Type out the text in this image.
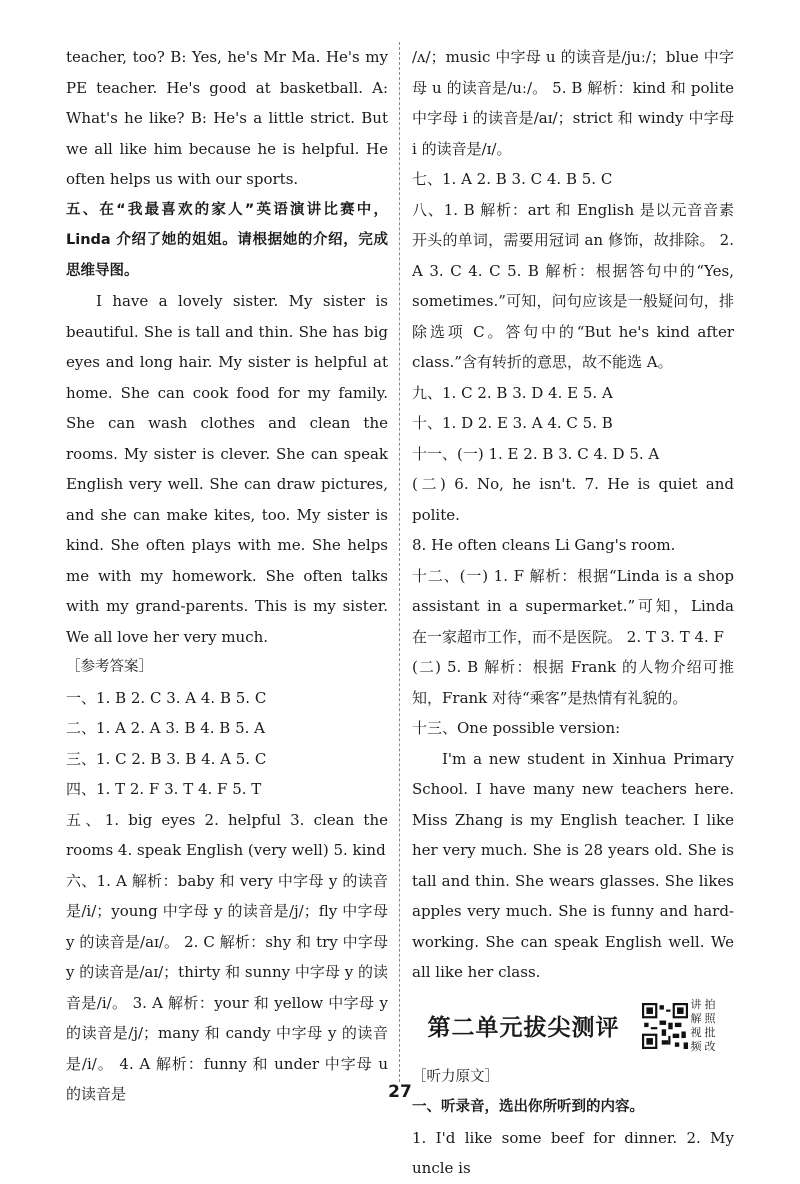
teacher, too? B: Yes, he's Mr Ma. He's my PE teacher. He's good at basketball. A: What's he like? B: He's a little strict. But we all like him because he is helpful. He often helps us with our sports.

五、在“我最喜欢的家人”英语演讲比赛中，Linda 介绍了她的姐姐。请根据她的介绍，完成思维导图。

I have a lovely sister. My sister is beautiful. She is tall and thin. She has big eyes and long hair. My sister is helpful at home. She can cook food for my family. She can wash clothes and clean the rooms. My sister is clever. She can speak English very well. She can draw pictures, and she can make kites, too. My sister is kind. She often plays with me. She helps me with my homework. She often talks with my grand-parents. This is my sister. We all love her very much.

［参考答案］

一、1. B 2. C 3. A 4. B 5. C

二、1. A 2. A 3. B 4. B 5. A

三、1. C 2. B 3. B 4. A 5. C

四、1. T 2. F 3. T 4. F 5. T

五、1. big eyes 2. helpful 3. clean the rooms 4. speak English (very well) 5. kind

六、1. A 解析：baby 和 very 中字母 y 的读音是/i/；young 中字母 y 的读音是/j/；fly 中字母 y 的读音是/aɪ/。 2. C 解析：shy 和 try 中字母 y 的读音是/aɪ/；thirty 和 sunny 中字母 y 的读音是/i/。 3. A 解析：your 和 yellow 中字母 y 的读音是/j/；many 和 candy 中字母 y 的读音是/i/。 4. A 解析：funny 和 under 中字母 u 的读音是

/ʌ/；music 中字母 u 的读音是/juː/；blue 中字母 u 的读音是/uː/。 5. B 解析：kind 和 polite 中字母 i 的读音是/aɪ/；strict 和 windy 中字母 i 的读音是/ɪ/。

七、1. A 2. B 3. C 4. B 5. C

八、1. B 解析：art 和 English 是以元音音素开头的单词，需要用冠词 an 修饰，故排除。 2. A 3. C 4. C 5. B 解析：根据答句中的“Yes, sometimes.”可知，问句应该是一般疑问句，排除选项 C。答句中的“But he's kind after class.”含有转折的意思，故不能选 A。

九、1. C 2. B 3. D 4. E 5. A

十、1. D 2. E 3. A 4. C 5. B

十一、(一) 1. E 2. B 3. C 4. D 5. A

(二) 6. No, he isn't. 7. He is quiet and polite.

8. He often cleans Li Gang's room.

十二、(一) 1. F 解析：根据“Linda is a shop assistant in a supermarket.”可知，Linda 在一家超市工作，而不是医院。 2. T 3. T 4. F

(二) 5. B 解析：根据 Frank 的人物介绍可推知，Frank 对待“乘客”是热情有礼貌的。

十三、One possible version:

I'm a new student in Xinhua Primary School. I have many new teachers here. Miss Zhang is my English teacher. I like her very much. She is 28 years old. She is tall and thin. She wears glasses. She likes apples very much. She is funny and hard-working. She can speak English well. We all like her class.

第二单元拔尖测评
讲 拍
解 照
视 批
频 改

［听力原文］

一、听录音，选出你所听到的内容。

1. I'd like some beef for dinner. 2. My uncle is

27
